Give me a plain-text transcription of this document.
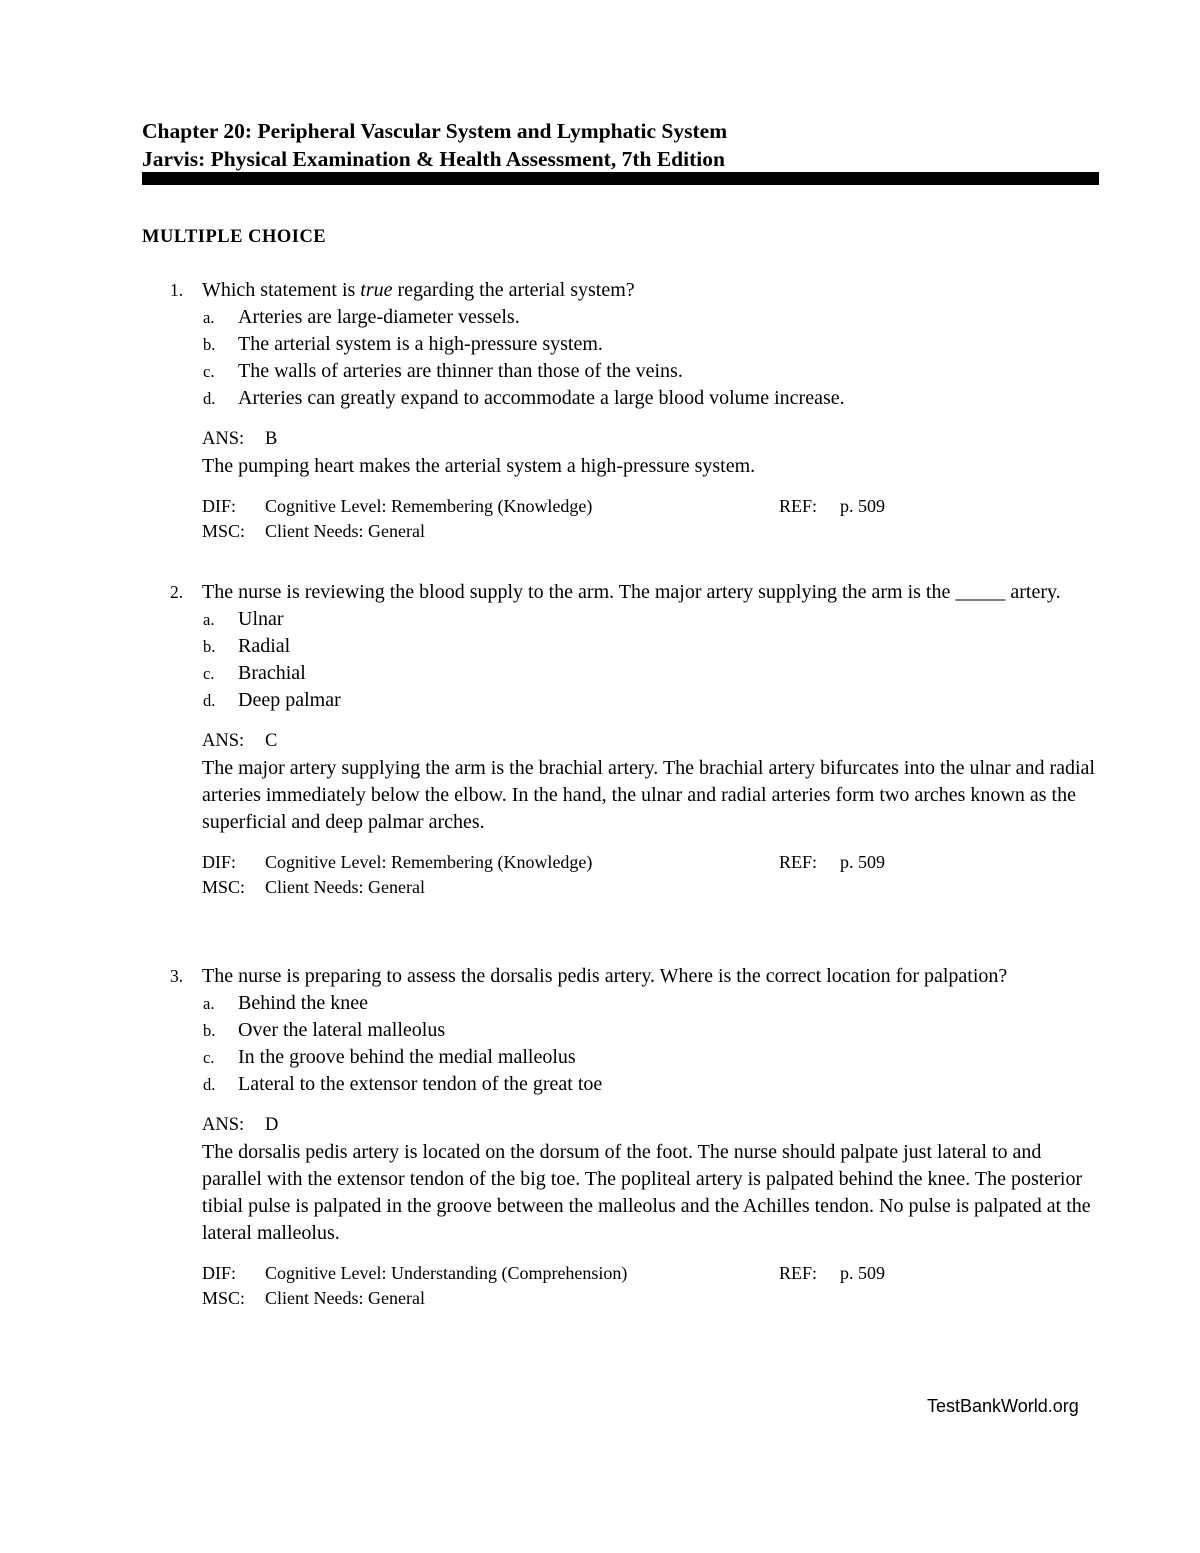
Chapter 20: Peripheral Vascular System and Lymphatic System
Jarvis: Physical Examination & Health Assessment, 7th Edition
MULTIPLE CHOICE
1. Which statement is true regarding the arterial system?
a. Arteries are large-diameter vessels.
b. The arterial system is a high-pressure system.
c. The walls of arteries are thinner than those of the veins.
d. Arteries can greatly expand to accommodate a large blood volume increase.
ANS: B
The pumping heart makes the arterial system a high-pressure system.
DIF: Cognitive Level: Remembering (Knowledge)	REF: p. 509
MSC: Client Needs: General
2. The nurse is reviewing the blood supply to the arm. The major artery supplying the arm is the _____ artery.
a. Ulnar
b. Radial
c. Brachial
d. Deep palmar
ANS: C
The major artery supplying the arm is the brachial artery. The brachial artery bifurcates into the ulnar and radial arteries immediately below the elbow. In the hand, the ulnar and radial arteries form two arches known as the superficial and deep palmar arches.
DIF: Cognitive Level: Remembering (Knowledge)	REF: p. 509
MSC: Client Needs: General
3. The nurse is preparing to assess the dorsalis pedis artery. Where is the correct location for palpation?
a. Behind the knee
b. Over the lateral malleolus
c. In the groove behind the medial malleolus
d. Lateral to the extensor tendon of the great toe
ANS: D
The dorsalis pedis artery is located on the dorsum of the foot. The nurse should palpate just lateral to and parallel with the extensor tendon of the big toe. The popliteal artery is palpated behind the knee. The posterior tibial pulse is palpated in the groove between the malleolus and the Achilles tendon. No pulse is palpated at the lateral malleolus.
DIF: Cognitive Level: Understanding (Comprehension)	REF: p. 509
MSC: Client Needs: General
TestBankWorld.org
